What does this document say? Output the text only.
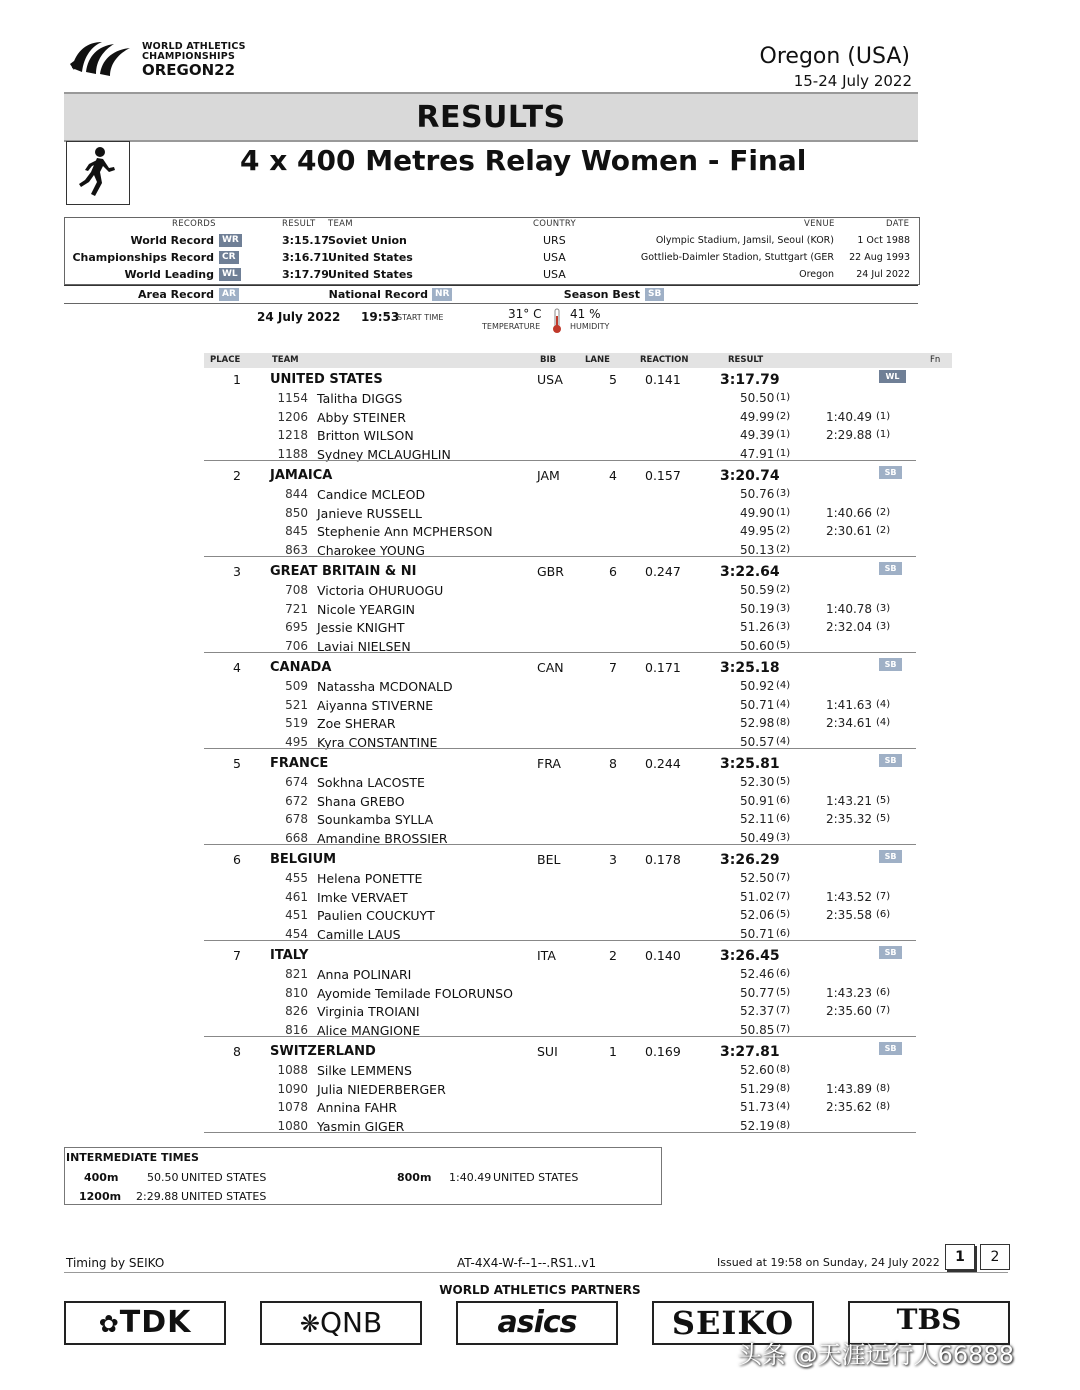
WORLD ATHLETICS
CHAMPIONSHIPS
OREGON22
Oregon (USA)
15-24 July 2022
RESULTS
4 x 400 Metres Relay Women - Final
RECORDS	RESULT TEAM	COUNTRY	VENUE	DATE
World Record WR	3:15.17 Soviet Union	URS	Olympic Stadium, Jamsil, Seoul (KOR) 1 Oct 1988
Championships Record CR	3:16.71 United States	USA	Gottlieb-Daimler Stadion, Stuttgart (GER 22 Aug 1993
World Leading WL	3:17.79 United States	USA	Oregon 24 Jul 2022
Area Record AR	National Record NR	Season Best SB
24 July 2022 19:53
START TIME	31° C
TEMPERATURE
41 %
HUMIDITY
PLACE	TEAM	BIB	LANE	REACTION	RESULT	Fn
1 UNITED STATES	USA	5 0.141	3:17.79	WL
1154 Talitha DIGGS	50.50 (1)
1206 Abby STEINER	49.99 (2)	1:40.49 (1)
1218 Britton WILSON	49.39 (1)	2:29.88 (1)
1188 Sydney MCLAUGHLIN	47.91 (1)
2 JAMAICA	JAM	4 0.157	3:20.74	SB
844 Candice MCLEOD	50.76 (3)
850 Janieve RUSSELL	49.90 (1)	1:40.66 (2)
845 Stephenie Ann MCPHERSON	49.95 (2)	2:30.61 (2)
863 Charokee YOUNG	50.13 (2)
3 GREAT BRITAIN & NI	GBR	6 0.247	3:22.64	SB
708 Victoria OHURUOGU	50.59 (2)
721 Nicole YEARGIN	50.19 (3)	1:40.78 (3)
695 Jessie KNIGHT	51.26 (3)	2:32.04 (3)
706 Laviai NIELSEN	50.60 (5)
4 CANADA	CAN	7 0.171	3:25.18	SB
509 Natassha MCDONALD	50.92 (4)
521 Aiyanna STIVERNE	50.71 (4)	1:41.63 (4)
519 Zoe SHERAR	52.98 (8)	2:34.61 (4)
495 Kyra CONSTANTINE	50.57 (4)
5 FRANCE	FRA	8 0.244	3:25.81	SB
674 Sokhna LACOSTE	52.30 (5)
672 Shana GREBO	50.91 (6)	1:43.21 (5)
678 Sounkamba SYLLA	52.11 (6)	2:35.32 (5)
668 Amandine BROSSIER	50.49 (3)
6 BELGIUM	BEL	3 0.178	3:26.29	SB
455 Helena PONETTE	52.50 (7)
461 Imke VERVAET	51.02 (7)	1:43.52 (7)
451 Paulien COUCKUYT	52.06 (5)	2:35.58 (6)
454 Camille LAUS	50.71 (6)
7 ITALY	ITA	2 0.140	3:26.45	SB
821 Anna POLINARI	52.46 (6)
810 Ayomide Temilade FOLORUNSO	50.77 (5)	1:43.23 (6)
826 Virginia TROIANI	52.37 (7)	2:35.60 (7)
816 Alice MANGIONE	50.85 (7)
8 SWITZERLAND	SUI	1 0.169	3:27.81	SB
1088 Silke LEMMENS	52.60 (8)
1090 Julia NIEDERBERGER	51.29 (8)	1:43.89 (8)
1078 Annina FAHR	51.73 (4)	2:35.62 (8)
1080 Yasmin GIGER	52.19 (8)
INTERMEDIATE TIMES
400m	50.50 UNITED STATES	800m 1:40.49 UNITED STATES
1200m 2:29.88 UNITED STATES
Timing by SEIKO	AT-4X4-W-f--1--.RS1..v1	Issued at 19:58 on Sunday, 24 July 2022	1	2
WORLD ATHLETICS PARTNERS
✿TDK	❋QNB	asics	SEIKO	TBS
头条 @天涯远行人66888
